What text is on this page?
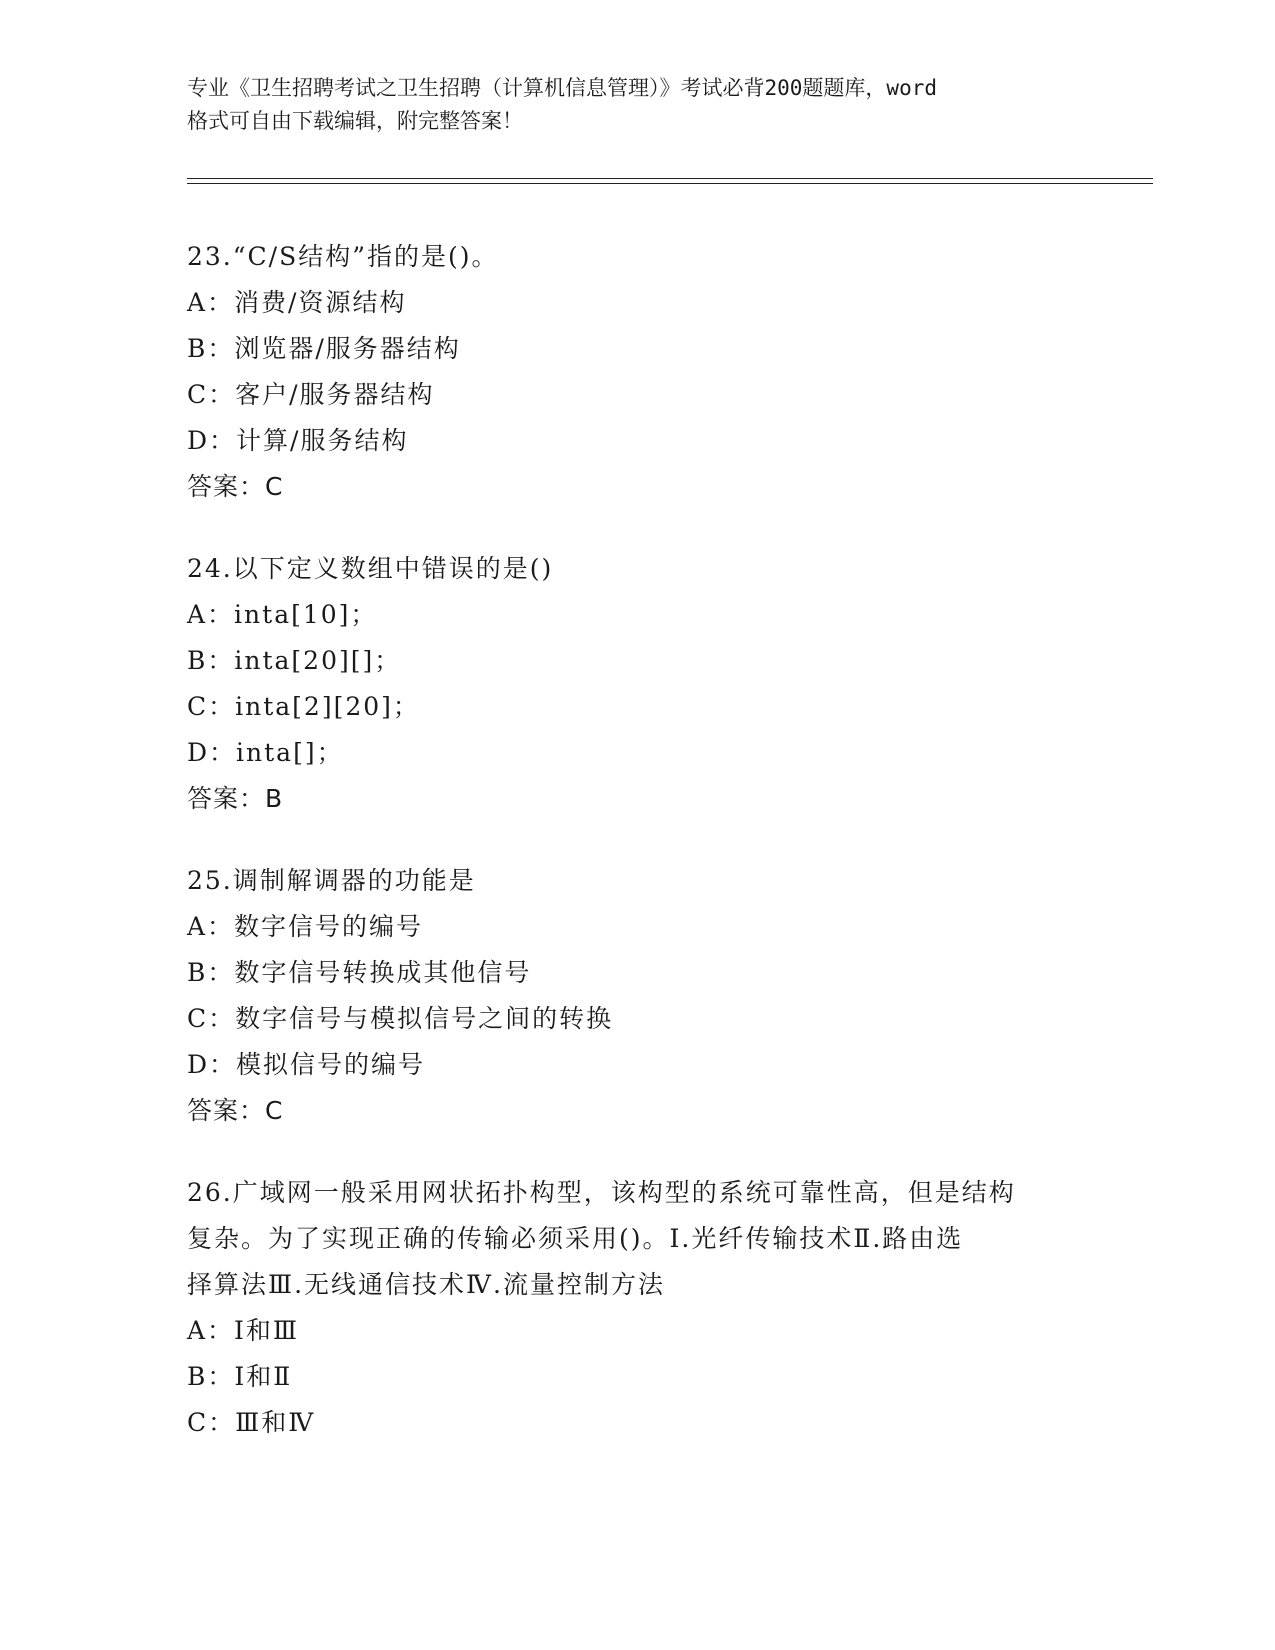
专业《卫生招聘考试之卫生招聘（计算机信息管理）》考试必背200题题库，word
格式可自由下载编辑，附完整答案！
23.“C/S结构”指的是()。
A：消费/资源结构
B：浏览器/服务器结构
C：客户/服务器结构
D：计算/服务结构
答案：C
24.以下定义数组中错误的是()
A：inta[10]；
B：inta[20][]；
C：inta[2][20]；
D：inta[]；
答案：B
25.调制解调器的功能是
A：数字信号的编号
B：数字信号转换成其他信号
C：数字信号与模拟信号之间的转换
D：模拟信号的编号
答案：C
26.广域网一般采用网状拓扑构型，该构型的系统可靠性高，但是结构
复杂。为了实现正确的传输必须采用()。Ⅰ.光纤传输技术Ⅱ.路由选
择算法Ⅲ.无线通信技术Ⅳ.流量控制方法
A：Ⅰ和Ⅲ
B：Ⅰ和Ⅱ
C：Ⅲ和Ⅳ
